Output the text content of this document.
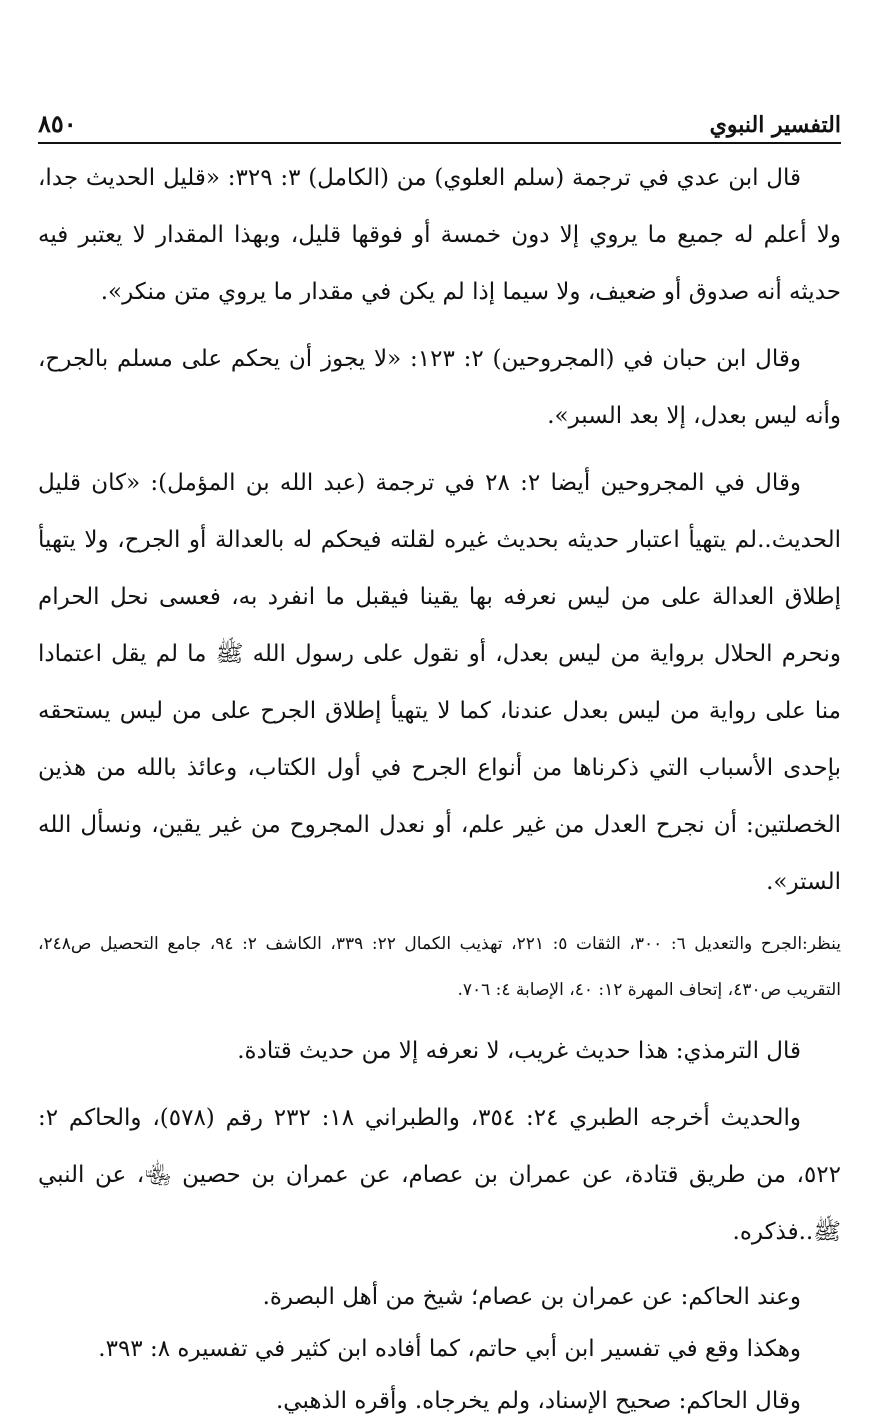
التفسير النبوي
٨٥٠

قال ابن عدي في ترجمة (سلم العلوي) من (الكامل) ٣: ٣٢٩: «قليل الحديث جدا، ولا أعلم له جميع ما يروي إلا دون خمسة أو فوقها قليل، وبهذا المقدار لا يعتبر فيه حديثه أنه صدوق أو ضعيف، ولا سيما إذا لم يكن في مقدار ما يروي متن منكر».

وقال ابن حبان في (المجروحين) ٢: ١٢٣: «لا يجوز أن يحكم على مسلم بالجرح، وأنه ليس بعدل، إلا بعد السبر».

وقال في المجروحين أيضا ٢: ٢٨ في ترجمة (عبد الله بن المؤمل): «كان قليل الحديث..لم يتهيأ اعتبار حديثه بحديث غيره لقلته فيحكم له بالعدالة أو الجرح، ولا يتهيأ إطلاق العدالة على من ليس نعرفه بها يقينا فيقبل ما انفرد به، فعسى نحل الحرام ونحرم الحلال برواية من ليس بعدل، أو نقول على رسول الله ﷺ ما لم يقل اعتمادا منا على رواية من ليس بعدل عندنا، كما لا يتهيأ إطلاق الجرح على من ليس يستحقه بإحدى الأسباب التي ذكرناها من أنواع الجرح في أول الكتاب، وعائذ بالله من هذين الخصلتين: أن نجرح العدل من غير علم، أو نعدل المجروح من غير يقين، ونسأل الله الستر».

ينظر:الجرح والتعديل ٦: ٣٠٠، الثقات ٥: ٢٢١، تهذيب الكمال ٢٢: ٣٣٩، الكاشف ٢: ٩٤، جامع التحصيل ص٢٤٨، التقريب ص٤٣٠، إتحاف المهرة ١٢: ٤٠، الإصابة ٤: ٧٠٦.

قال الترمذي: هذا حديث غريب، لا نعرفه إلا من حديث قتادة.

والحديث أخرجه الطبري ٢٤: ٣٥٤، والطبراني ١٨: ٢٣٢ رقم (٥٧٨)، والحاكم ٢: ٥٢٢، من طريق قتادة، عن عمران بن عصام، عن عمران بن حصين ﵄، عن النبي ﷺ..فذكره.

وعند الحاكم: عن عمران بن عصام؛ شيخ من أهل البصرة.

وهكذا وقع في تفسير ابن أبي حاتم، كما أفاده ابن كثير في تفسيره ٨: ٣٩٣.

وقال الحاكم: صحيح الإسناد، ولم يخرجاه. وأقره الذهبي.
